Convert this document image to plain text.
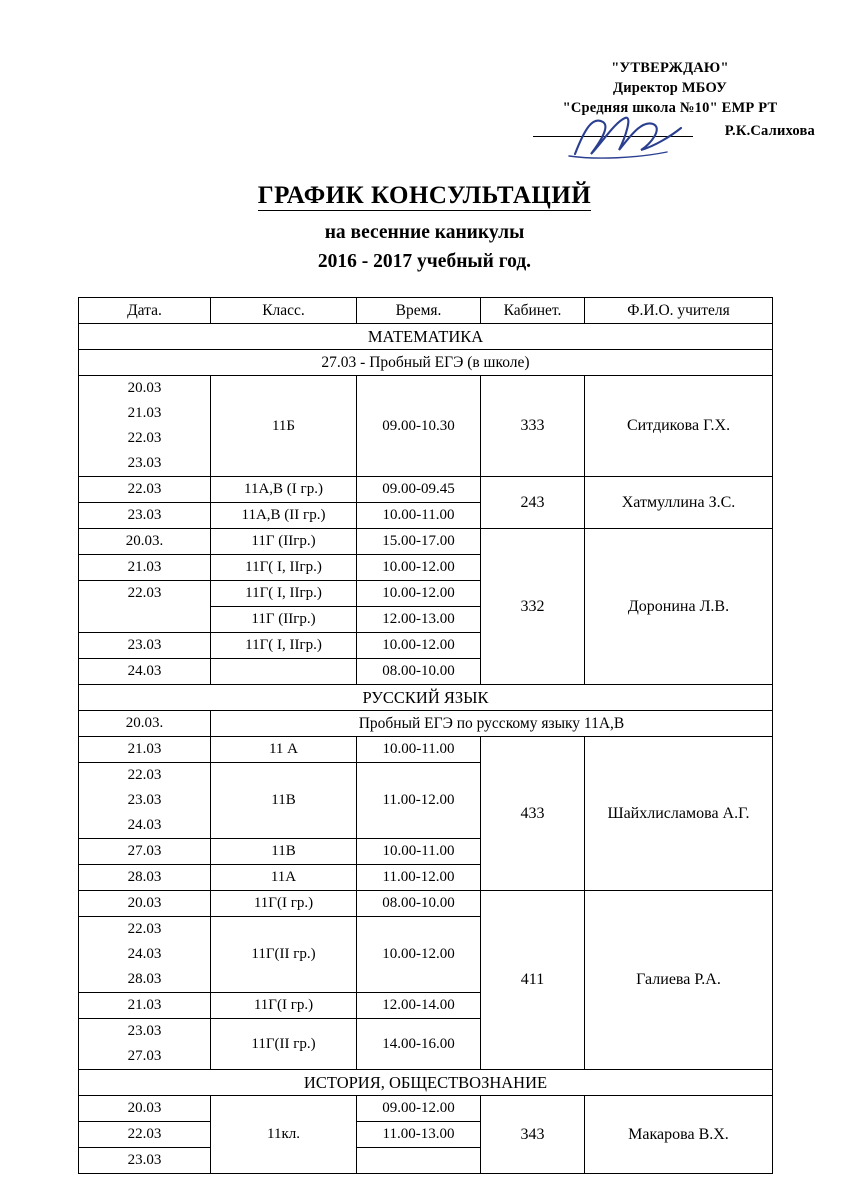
"УТВЕРЖДАЮ"
Директор МБОУ
"Средняя школа №10" ЕМР РТ
Р.К.Салихова
ГРАФИК КОНСУЛЬТАЦИЙ
на весенние каникулы
2016 - 2017 учебный год.
Дата.	Класс.	Время.	Кабинет.	Ф.И.О. учителя
МАТЕМАТИКА				
27.03 - Пробный ЕГЭ (в школе)				
20.03	11Б	09.00-10.30	333	Ситдикова Г.Х.
21.03				
22.03				
23.03				
22.03	11А,В (I гр.)	09.00-09.45	243	Хатмуллина З.С.
23.03	11А,В (II гр.)	10.00-11.00		
20.03.	11Г (IIгр.)	15.00-17.00	332	Доронина Л.В.
21.03	11Г( I, IIгр.)	10.00-12.00		
22.03	11Г( I, IIгр.)	10.00-12.00		
	11Г (IIгр.)	12.00-13.00		
23.03	11Г( I, IIгр.)	10.00-12.00		
24.03		08.00-10.00		
РУССКИЙ ЯЗЫК				
20.03.	Пробный ЕГЭ по русскому языку 11А,В			
21.03	11 А	10.00-11.00	433	Шайхлисламова А.Г.
22.03	11В	11.00-12.00		
23.03				
24.03				
27.03	11В	10.00-11.00		
28.03	11А	11.00-12.00		
20.03	11Г(I гр.)	08.00-10.00	411	Галиева Р.А.
22.03	11Г(II гр.)	10.00-12.00		
24.03				
28.03				
21.03	11Г(I гр.)	12.00-14.00		
23.03	11Г(II гр.)	14.00-16.00		
27.03				
ИСТОРИЯ, ОБЩЕСТВОЗНАНИЕ				
20.03	11кл.	09.00-12.00	343	Макарова В.Х.
22.03		11.00-13.00		
23.03				
